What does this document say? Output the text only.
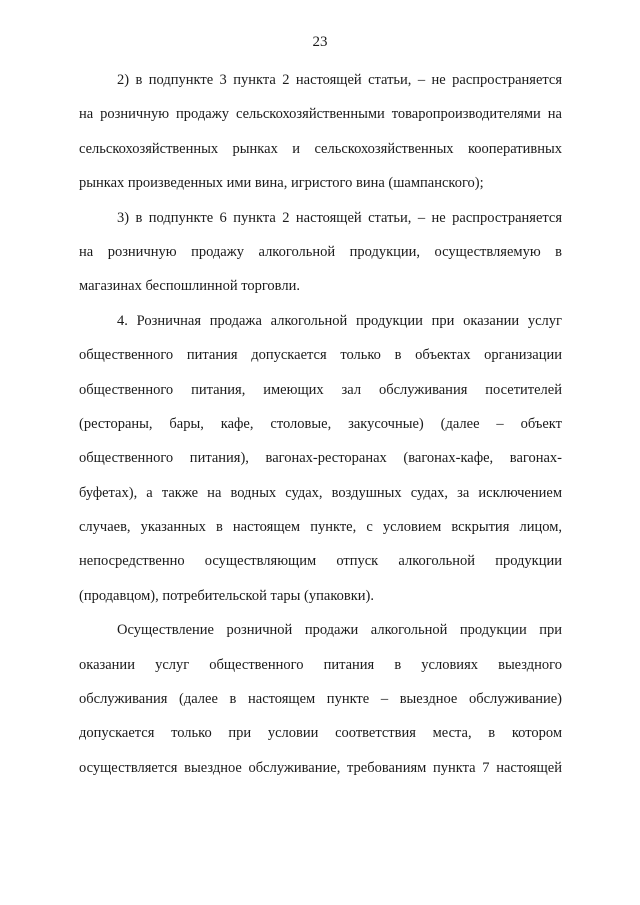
23
2) в подпункте 3 пункта 2 настоящей статьи, – не распространяется
на розничную продажу сельскохозяйственными товаропроизводителями на
сельскохозяйственных рынках и сельскохозяйственных кооперативных
рынках произведенных ими вина, игристого вина (шампанского);
3) в подпункте 6 пункта 2 настоящей статьи, – не распространяется
на розничную продажу алкогольной продукции, осуществляемую в
магазинах беспошлинной торговли.
4. Розничная продажа алкогольной продукции при оказании услуг
общественного питания допускается только в объектах организации
общественного питания, имеющих зал обслуживания посетителей
(рестораны, бары, кафе, столовые, закусочные) (далее – объект
общественного питания), вагонах-ресторанах (вагонах-кафе, вагонах-
буфетах), а также на водных судах, воздушных судах, за исключением
случаев, указанных в настоящем пункте, с условием вскрытия лицом,
непосредственно осуществляющим отпуск алкогольной продукции
(продавцом), потребительской тары (упаковки).
Осуществление розничной продажи алкогольной продукции при
оказании услуг общественного питания в условиях выездного
обслуживания (далее в настоящем пункте – выездное обслуживание)
допускается только при условии соответствия места, в котором
осуществляется выездное обслуживание, требованиям пункта 7 настоящей
